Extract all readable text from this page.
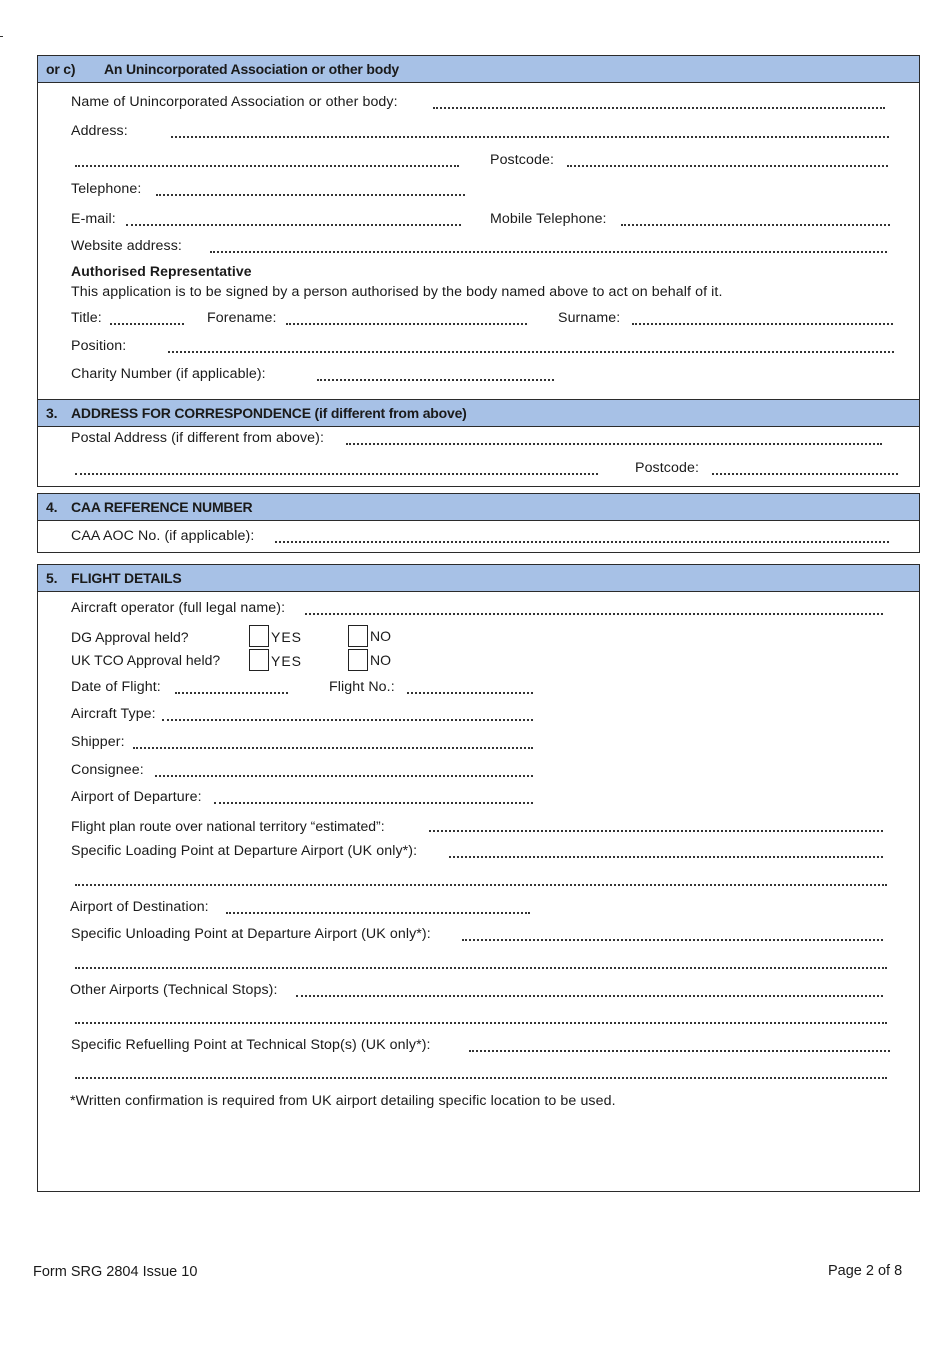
or c)	An Unincorporated Association or other body
Name of Unincorporated Association or other body:
Address:
Postcode:
Telephone:
E-mail:	Mobile Telephone:
Website address:
Authorised Representative
This application is to be signed by a person authorised by the body named above to act on behalf of it.
Title:	Forename:	Surname:
Position:
Charity Number (if applicable):
3. ADDRESS FOR CORRESPONDENCE (if different from above)
Postal Address (if different from above):
Postcode:
4. CAA REFERENCE NUMBER
CAA AOC No. (if applicable):
5. FLIGHT DETAILS
Aircraft operator (full legal name):
DG Approval held?	YES	NO
UK TCO Approval held?	YES	NO
Date of Flight:	Flight No.:
Aircraft Type:
Shipper:
Consignee:
Airport of Departure:
Flight plan route over national territory “estimated”:
Specific Loading Point at Departure Airport (UK only*):
Airport of Destination:
Specific Unloading Point at Departure Airport (UK only*):
Other Airports (Technical Stops):
Specific Refuelling Point at Technical Stop(s) (UK only*):
*Written confirmation is required from UK airport detailing specific location to be used.
Form SRG 2804 Issue 10	Page 2 of 8
